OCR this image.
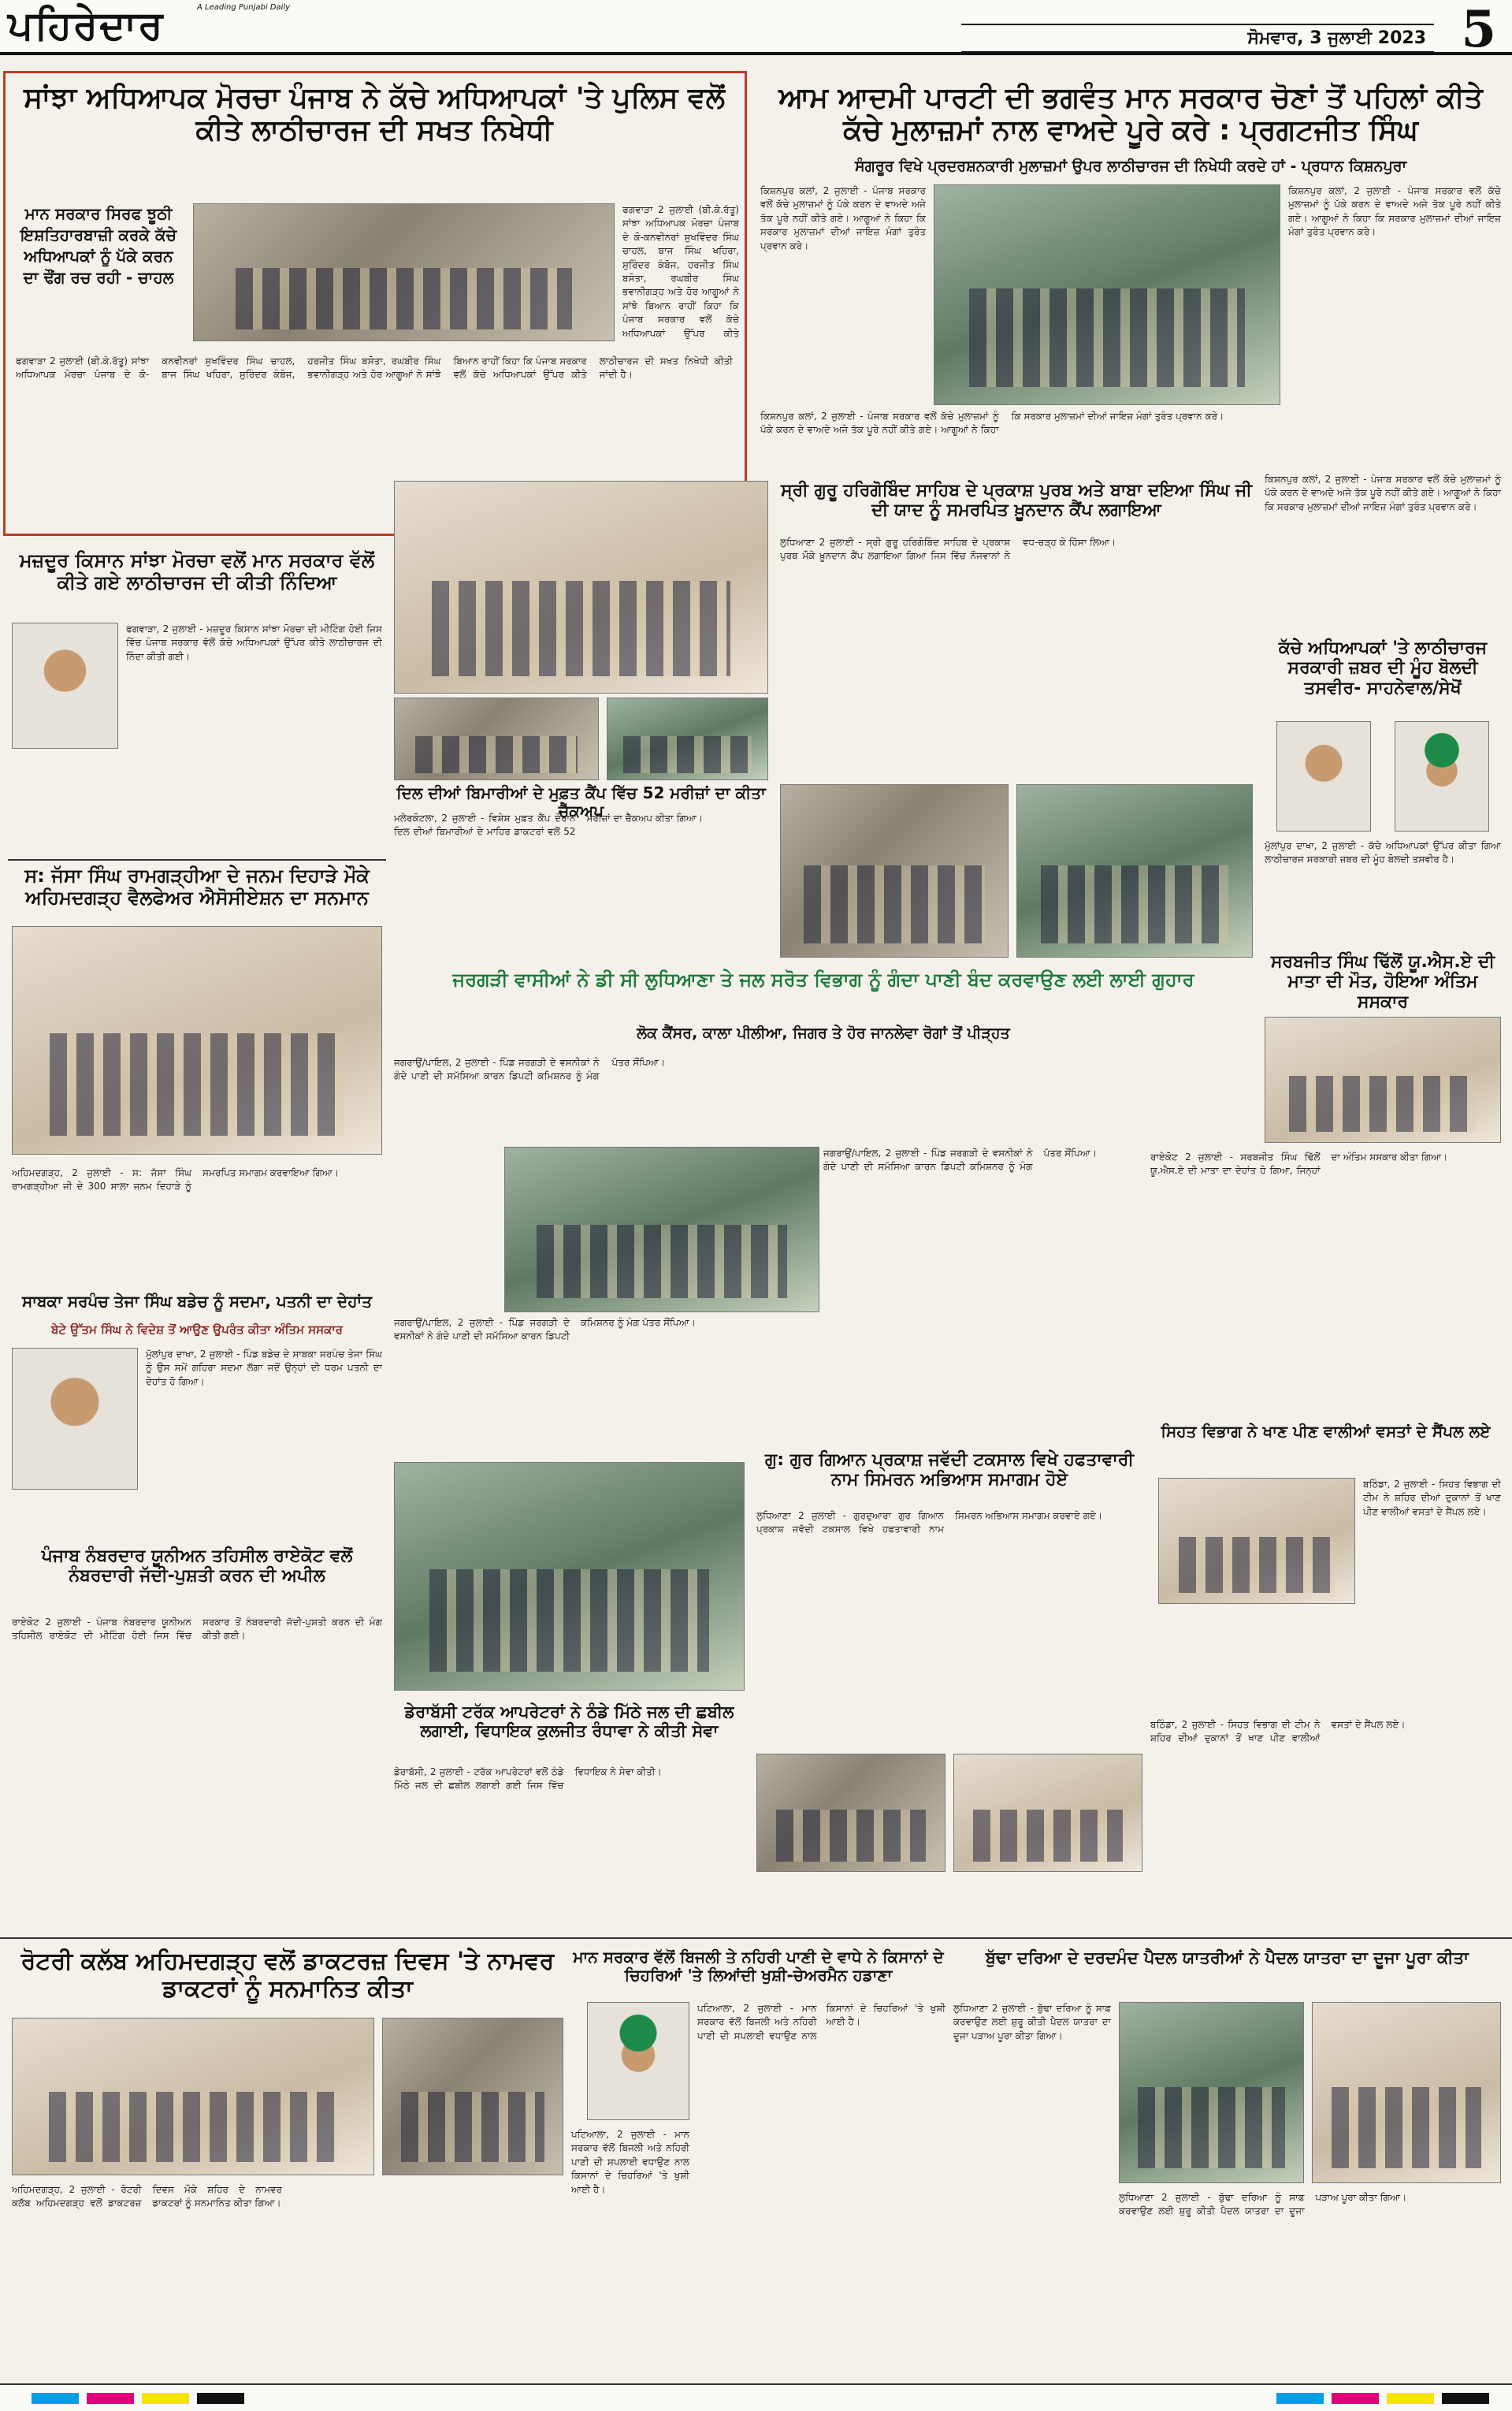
ਪਹਿਰੇਦਾਰ	A Leading Punjabi Daily
ਸੋਮਵਾਰ, 3 ਜੁਲਾਈ 2023 5
ਸਾਂਝਾ ਅਧਿਆਪਕ ਮੋਰਚਾ ਪੰਜਾਬ ਨੇ ਕੱਚੇ ਅਧਿਆਪਕਾਂ 'ਤੇ ਪੁਲਿਸ ਵਲੋਂ ਕੀਤੇ ਲਾਠੀਚਾਰਜ ਦੀ ਸਖਤ ਨਿਖੇਧੀ
ਮਾਨ ਸਰਕਾਰ ਸਿਰਫ ਝੂਠੀ ਇਸ਼ਤਿਹਾਰਬਾਜ਼ੀ ਕਰਕੇ ਕੱਚੇ ਅਧਿਆਪਕਾਂ ਨੂੰ ਪੱਕੇ ਕਰਨ ਦਾ ਢੌਂਗ ਰਚ ਰਹੀ - ਚਾਹਲ
ਫਗਵਾੜਾ 2 ਜੁਲਾਈ (ਬੀ.ਕੇ.ਰੱਤੂ) ਸਾਂਝਾ ਅਧਿਆਪਕ ਮੋਰਚਾ ਪੰਜਾਬ ਦੇ ਕੋ-ਕਨਵੀਨਰਾਂ ਸੁਖਵਿੰਦਰ ਸਿੰਘ ਚਾਹਲ, ਬਾਜ ਸਿੰਘ ਖਹਿਰਾ, ਸੁਰਿੰਦਰ ਕੰਬੋਜ, ਹਰਜੀਤ ਸਿੰਘ ਬਸੋਤਾ, ਰਘਬੀਰ ਸਿੰਘ ਭਵਾਨੀਗੜ੍ਹ ਅਤੇ ਹੋਰ ਆਗੂਆਂ ਨੇ ਸਾਂਝੇ ਬਿਆਨ ਰਾਹੀਂ ਕਿਹਾ ਕਿ ਪੰਜਾਬ ਸਰਕਾਰ ਵਲੋਂ ਕੱਚੇ ਅਧਿਆਪਕਾਂ ਉੱਪਰ ਕੀਤੇ
ਫਗਵਾੜਾ 2 ਜੁਲਾਈ (ਬੀ.ਕੇ.ਰੱਤੂ) ਸਾਂਝਾ ਅਧਿਆਪਕ ਮੋਰਚਾ ਪੰਜਾਬ ਦੇ ਕੋ-ਕਨਵੀਨਰਾਂ ਸੁਖਵਿੰਦਰ ਸਿੰਘ ਚਾਹਲ, ਬਾਜ ਸਿੰਘ ਖਹਿਰਾ, ਸੁਰਿੰਦਰ ਕੰਬੋਜ, ਹਰਜੀਤ ਸਿੰਘ ਬਸੋਤਾ, ਰਘਬੀਰ ਸਿੰਘ ਭਵਾਨੀਗੜ੍ਹ ਅਤੇ ਹੋਰ ਆਗੂਆਂ ਨੇ ਸਾਂਝੇ ਬਿਆਨ ਰਾਹੀਂ ਕਿਹਾ ਕਿ ਪੰਜਾਬ ਸਰਕਾਰ ਵਲੋਂ ਕੱਚੇ ਅਧਿਆਪਕਾਂ ਉੱਪਰ ਕੀਤੇ ਲਾਠੀਚਾਰਜ ਦੀ ਸਖਤ ਨਿਖੇਧੀ ਕੀਤੀ ਜਾਂਦੀ ਹੈ।
ਆਮ ਆਦਮੀ ਪਾਰਟੀ ਦੀ ਭਗਵੰਤ ਮਾਨ ਸਰਕਾਰ ਚੋਣਾਂ ਤੋਂ ਪਹਿਲਾਂ ਕੀਤੇ ਕੱਚੇ ਮੁਲਾਜ਼ਮਾਂ ਨਾਲ ਵਾਅਦੇ ਪੂਰੇ ਕਰੇ : ਪ੍ਰਗਟਜੀਤ ਸਿੰਘ
ਸੰਗਰੂਰ ਵਿਖੇ ਪ੍ਰਦਰਸ਼ਨਕਾਰੀ ਮੁਲਾਜ਼ਮਾਂ ਉਪਰ ਲਾਠੀਚਾਰਜ ਦੀ ਨਿਖੇਧੀ ਕਰਦੇ ਹਾਂ - ਪ੍ਰਧਾਨ ਕਿਸ਼ਨਪੁਰਾ
ਕਿਸ਼ਨਪੁਰ ਕਲਾਂ, 2 ਜੁਲਾਈ - ਪੰਜਾਬ ਸਰਕਾਰ ਵਲੋਂ ਕੱਚੇ ਮੁਲਾਜ਼ਮਾਂ ਨੂੰ ਪੱਕੇ ਕਰਨ ਦੇ ਵਾਅਦੇ ਅਜੇ ਤੱਕ ਪੂਰੇ ਨਹੀਂ ਕੀਤੇ ਗਏ। ਆਗੂਆਂ ਨੇ ਕਿਹਾ ਕਿ ਸਰਕਾਰ ਮੁਲਾਜ਼ਮਾਂ ਦੀਆਂ ਜਾਇਜ਼ ਮੰਗਾਂ ਤੁਰੰਤ ਪ੍ਰਵਾਨ ਕਰੇ।
ਕਿਸ਼ਨਪੁਰ ਕਲਾਂ, 2 ਜੁਲਾਈ - ਪੰਜਾਬ ਸਰਕਾਰ ਵਲੋਂ ਕੱਚੇ ਮੁਲਾਜ਼ਮਾਂ ਨੂੰ ਪੱਕੇ ਕਰਨ ਦੇ ਵਾਅਦੇ ਅਜੇ ਤੱਕ ਪੂਰੇ ਨਹੀਂ ਕੀਤੇ ਗਏ। ਆਗੂਆਂ ਨੇ ਕਿਹਾ ਕਿ ਸਰਕਾਰ ਮੁਲਾਜ਼ਮਾਂ ਦੀਆਂ ਜਾਇਜ਼ ਮੰਗਾਂ ਤੁਰੰਤ ਪ੍ਰਵਾਨ ਕਰੇ।
ਕਿਸ਼ਨਪੁਰ ਕਲਾਂ, 2 ਜੁਲਾਈ - ਪੰਜਾਬ ਸਰਕਾਰ ਵਲੋਂ ਕੱਚੇ ਮੁਲਾਜ਼ਮਾਂ ਨੂੰ ਪੱਕੇ ਕਰਨ ਦੇ ਵਾਅਦੇ ਅਜੇ ਤੱਕ ਪੂਰੇ ਨਹੀਂ ਕੀਤੇ ਗਏ। ਆਗੂਆਂ ਨੇ ਕਿਹਾ ਕਿ ਸਰਕਾਰ ਮੁਲਾਜ਼ਮਾਂ ਦੀਆਂ ਜਾਇਜ਼ ਮੰਗਾਂ ਤੁਰੰਤ ਪ੍ਰਵਾਨ ਕਰੇ।
ਮਜ਼ਦੂਰ ਕਿਸਾਨ ਸਾਂਝਾ ਮੋਰਚਾ ਵਲੋਂ ਮਾਨ ਸਰਕਾਰ ਵੱਲੋਂ ਕੀਤੇ ਗਏ ਲਾਠੀਚਾਰਜ ਦੀ ਕੀਤੀ ਨਿੰਦਿਆ
ਫਗਵਾੜਾ, 2 ਜੁਲਾਈ - ਮਜ਼ਦੂਰ ਕਿਸਾਨ ਸਾਂਝਾ ਮੋਰਚਾ ਦੀ ਮੀਟਿੰਗ ਹੋਈ ਜਿਸ ਵਿੱਚ ਪੰਜਾਬ ਸਰਕਾਰ ਵੱਲੋਂ ਕੱਚੇ ਅਧਿਆਪਕਾਂ ਉੱਪਰ ਕੀਤੇ ਲਾਠੀਚਾਰਜ ਦੀ ਨਿੰਦਾ ਕੀਤੀ ਗਈ।
ਸ: ਜੱਸਾ ਸਿੰਘ ਰਾਮਗੜ੍ਹੀਆ ਦੇ ਜਨਮ ਦਿਹਾੜੇ ਮੌਕੇ ਅਹਿਮਦਗੜ੍ਹ ਵੈਲਫੇਅਰ ਐਸੋਸੀਏਸ਼ਨ ਦਾ ਸਨਮਾਨ
ਅਹਿਮਦਗੜ੍ਹ, 2 ਜੁਲਾਈ - ਸ: ਜੱਸਾ ਸਿੰਘ ਰਾਮਗੜ੍ਹੀਆ ਜੀ ਦੇ 300 ਸਾਲਾ ਜਨਮ ਦਿਹਾੜੇ ਨੂੰ ਸਮਰਪਿਤ ਸਮਾਗਮ ਕਰਵਾਇਆ ਗਿਆ।
ਦਿਲ ਦੀਆਂ ਬਿਮਾਰੀਆਂ ਦੇ ਮੁਫ਼ਤ ਕੈਂਪ ਵਿੱਚ 52 ਮਰੀਜ਼ਾਂ ਦਾ ਕੀਤਾ ਚੈੱਕਅਪ
ਮਲੇਰਕੋਟਲਾ, 2 ਜੁਲਾਈ - ਵਿਸ਼ੇਸ਼ ਮੁਫ਼ਤ ਕੈਂਪ ਦੌਰਾਨ ਦਿਲ ਦੀਆਂ ਬਿਮਾਰੀਆਂ ਦੇ ਮਾਹਿਰ ਡਾਕਟਰਾਂ ਵਲੋਂ 52 ਮਰੀਜ਼ਾਂ ਦਾ ਚੈੱਕਅਪ ਕੀਤਾ ਗਿਆ।
ਸ੍ਰੀ ਗੁਰੂ ਹਰਿਗੋਬਿੰਦ ਸਾਹਿਬ ਦੇ ਪ੍ਰਕਾਸ਼ ਪੁਰਬ ਅਤੇ ਬਾਬਾ ਦਇਆ ਸਿੰਘ ਜੀ ਦੀ ਯਾਦ ਨੂੰ ਸਮਰਪਿਤ ਖ਼ੂਨਦਾਨ ਕੈਂਪ ਲਗਾਇਆ
ਲੁਧਿਆਣਾ 2 ਜੁਲਾਈ - ਸ੍ਰੀ ਗੁਰੂ ਹਰਿਗੋਬਿੰਦ ਸਾਹਿਬ ਦੇ ਪ੍ਰਕਾਸ਼ ਪੁਰਬ ਮੌਕੇ ਖ਼ੂਨਦਾਨ ਕੈਂਪ ਲਗਾਇਆ ਗਿਆ ਜਿਸ ਵਿੱਚ ਨੌਜਵਾਨਾਂ ਨੇ ਵਧ-ਚੜ੍ਹ ਕੇ ਹਿੱਸਾ ਲਿਆ।
ਕਿਸ਼ਨਪੁਰ ਕਲਾਂ, 2 ਜੁਲਾਈ - ਪੰਜਾਬ ਸਰਕਾਰ ਵਲੋਂ ਕੱਚੇ ਮੁਲਾਜ਼ਮਾਂ ਨੂੰ ਪੱਕੇ ਕਰਨ ਦੇ ਵਾਅਦੇ ਅਜੇ ਤੱਕ ਪੂਰੇ ਨਹੀਂ ਕੀਤੇ ਗਏ। ਆਗੂਆਂ ਨੇ ਕਿਹਾ ਕਿ ਸਰਕਾਰ ਮੁਲਾਜ਼ਮਾਂ ਦੀਆਂ ਜਾਇਜ਼ ਮੰਗਾਂ ਤੁਰੰਤ ਪ੍ਰਵਾਨ ਕਰੇ।
ਕੱਚੇ ਅਧਿਆਪਕਾਂ 'ਤੇ ਲਾਠੀਚਾਰਜ ਸਰਕਾਰੀ ਜ਼ਬਰ ਦੀ ਮੂੰਹ ਬੋਲਦੀ ਤਸਵੀਰ- ਸਾਹਨੇਵਾਲ/ਸੇਖੋਂ
ਮੁੱਲਾਂਪੁਰ ਦਾਖਾ, 2 ਜੁਲਾਈ - ਕੱਚੇ ਅਧਿਆਪਕਾਂ ਉੱਪਰ ਕੀਤਾ ਗਿਆ ਲਾਠੀਚਾਰਜ ਸਰਕਾਰੀ ਜ਼ਬਰ ਦੀ ਮੂੰਹ ਬੋਲਦੀ ਤਸਵੀਰ ਹੈ।
ਸਰਬਜੀਤ ਸਿੰਘ ਢਿੱਲੋਂ ਯੂ.ਐਸ.ਏ ਦੀ ਮਾਤਾ ਦੀ ਮੌਤ, ਹੋਇਆ ਅੰਤਿਮ ਸਸਕਾਰ
ਜਰਗੜੀ ਵਾਸੀਆਂ ਨੇ ਡੀ ਸੀ ਲੁਧਿਆਣਾ ਤੇ ਜਲ ਸਰੋਤ ਵਿਭਾਗ ਨੂੰ ਗੰਦਾ ਪਾਣੀ ਬੰਦ ਕਰਵਾਉਣ ਲਈ ਲਾਈ ਗੁਹਾਰ
ਲੋਕ ਕੈਂਸਰ, ਕਾਲਾ ਪੀਲੀਆ, ਜਿਗਰ ਤੇ ਹੋਰ ਜਾਨਲੇਵਾ ਰੋਗਾਂ ਤੋਂ ਪੀੜ੍ਹਤ
ਜਗਰਾਉਂ/ਪਾਇਲ, 2 ਜੁਲਾਈ - ਪਿੰਡ ਜਰਗੜੀ ਦੇ ਵਸਨੀਕਾਂ ਨੇ ਗੰਦੇ ਪਾਣੀ ਦੀ ਸਮੱਸਿਆ ਕਾਰਨ ਡਿਪਟੀ ਕਮਿਸ਼ਨਰ ਨੂੰ ਮੰਗ ਪੱਤਰ ਸੌਂਪਿਆ।
ਜਗਰਾਉਂ/ਪਾਇਲ, 2 ਜੁਲਾਈ - ਪਿੰਡ ਜਰਗੜੀ ਦੇ ਵਸਨੀਕਾਂ ਨੇ ਗੰਦੇ ਪਾਣੀ ਦੀ ਸਮੱਸਿਆ ਕਾਰਨ ਡਿਪਟੀ ਕਮਿਸ਼ਨਰ ਨੂੰ ਮੰਗ ਪੱਤਰ ਸੌਂਪਿਆ।	ਰਾਏਕੋਟ 2 ਜੁਲਾਈ - ਸਰਬਜੀਤ ਸਿੰਘ ਢਿੱਲੋਂ ਯੂ.ਐਸ.ਏ ਦੀ ਮਾਤਾ ਦਾ ਦੇਹਾਂਤ ਹੋ ਗਿਆ, ਜਿਨ੍ਹਾਂ ਦਾ ਅੰਤਿਮ ਸਸਕਾਰ ਕੀਤਾ ਗਿਆ।
ਸਿਹਤ ਵਿਭਾਗ ਨੇ ਖਾਣ ਪੀਣ ਵਾਲੀਆਂ ਵਸਤਾਂ ਦੇ ਸੈਂਪਲ ਲਏ
ਬਠਿੰਡਾ, 2 ਜੁਲਾਈ - ਸਿਹਤ ਵਿਭਾਗ ਦੀ ਟੀਮ ਨੇ ਸ਼ਹਿਰ ਦੀਆਂ ਦੁਕਾਨਾਂ ਤੋਂ ਖਾਣ ਪੀਣ ਵਾਲੀਆਂ ਵਸਤਾਂ ਦੇ ਸੈਂਪਲ ਲਏ।
ਬਠਿੰਡਾ, 2 ਜੁਲਾਈ - ਸਿਹਤ ਵਿਭਾਗ ਦੀ ਟੀਮ ਨੇ ਸ਼ਹਿਰ ਦੀਆਂ ਦੁਕਾਨਾਂ ਤੋਂ ਖਾਣ ਪੀਣ ਵਾਲੀਆਂ ਵਸਤਾਂ ਦੇ ਸੈਂਪਲ ਲਏ।
ਸਾਬਕਾ ਸਰਪੰਚ ਤੇਜਾ ਸਿੰਘ ਬਡੇਚ ਨੂੰ ਸਦਮਾ, ਪਤਨੀ ਦਾ ਦੇਹਾਂਤ
ਬੇਟੇ ਉੱਤਮ ਸਿੰਘ ਨੇ ਵਿਦੇਸ਼ ਤੋਂ ਆਉਣ ਉਪਰੰਤ ਕੀਤਾ ਅੰਤਿਮ ਸਸਕਾਰ
ਮੁੱਲਾਂਪੁਰ ਦਾਖਾ, 2 ਜੁਲਾਈ - ਪਿੰਡ ਬਡੇਚ ਦੇ ਸਾਬਕਾ ਸਰਪੰਚ ਤੇਜਾ ਸਿੰਘ ਨੂੰ ਉਸ ਸਮੇਂ ਗਹਿਰਾ ਸਦਮਾ ਲੱਗਾ ਜਦੋਂ ਉਨ੍ਹਾਂ ਦੀ ਧਰਮ ਪਤਨੀ ਦਾ ਦੇਹਾਂਤ ਹੋ ਗਿਆ।
ਪੰਜਾਬ ਨੰਬਰਦਾਰ ਯੂਨੀਅਨ ਤਹਿਸੀਲ ਰਾਏਕੋਟ ਵਲੋਂ ਨੰਬਰਦਾਰੀ ਜੱਦੀ-ਪੁਸ਼ਤੀ ਕਰਨ ਦੀ ਅਪੀਲ
ਰਾਏਕੋਟ 2 ਜੁਲਾਈ - ਪੰਜਾਬ ਨੰਬਰਦਾਰ ਯੂਨੀਅਨ ਤਹਿਸੀਲ ਰਾਏਕੋਟ ਦੀ ਮੀਟਿੰਗ ਹੋਈ ਜਿਸ ਵਿੱਚ ਸਰਕਾਰ ਤੋਂ ਨੰਬਰਦਾਰੀ ਜੱਦੀ-ਪੁਸ਼ਤੀ ਕਰਨ ਦੀ ਮੰਗ ਕੀਤੀ ਗਈ।
ਜਗਰਾਉਂ/ਪਾਇਲ, 2 ਜੁਲਾਈ - ਪਿੰਡ ਜਰਗੜੀ ਦੇ ਵਸਨੀਕਾਂ ਨੇ ਗੰਦੇ ਪਾਣੀ ਦੀ ਸਮੱਸਿਆ ਕਾਰਨ ਡਿਪਟੀ ਕਮਿਸ਼ਨਰ ਨੂੰ ਮੰਗ ਪੱਤਰ ਸੌਂਪਿਆ।
ਗੁ: ਗੁਰ ਗਿਆਨ ਪ੍ਰਕਾਸ਼ ਜਵੱਦੀ ਟਕਸਾਲ ਵਿਖੇ ਹਫਤਾਵਾਰੀ ਨਾਮ ਸਿਮਰਨ ਅਭਿਆਸ ਸਮਾਗਮ ਹੋਏ
ਲੁਧਿਆਣਾ 2 ਜੁਲਾਈ - ਗੁਰਦੁਆਰਾ ਗੁਰ ਗਿਆਨ ਪ੍ਰਕਾਸ਼ ਜਵੱਦੀ ਟਕਸਾਲ ਵਿਖੇ ਹਫਤਾਵਾਰੀ ਨਾਮ ਸਿਮਰਨ ਅਭਿਆਸ ਸਮਾਗਮ ਕਰਵਾਏ ਗਏ।
ਡੇਰਾਬੱਸੀ ਟਰੱਕ ਆਪਰੇਟਰਾਂ ਨੇ ਠੰਡੇ ਮਿੱਠੇ ਜਲ ਦੀ ਛਬੀਲ ਲਗਾਈ, ਵਿਧਾਇਕ ਕੁਲਜੀਤ ਰੰਧਾਵਾ ਨੇ ਕੀਤੀ ਸੇਵਾ
ਡੇਰਾਬੱਸੀ, 2 ਜੁਲਾਈ - ਟਰੱਕ ਆਪਰੇਟਰਾਂ ਵਲੋਂ ਠੰਡੇ ਮਿੱਠੇ ਜਲ ਦੀ ਛਬੀਲ ਲਗਾਈ ਗਈ ਜਿਸ ਵਿੱਚ ਵਿਧਾਇਕ ਨੇ ਸੇਵਾ ਕੀਤੀ।
ਰੋਟਰੀ ਕਲੱਬ ਅਹਿਮਦਗੜ੍ਹ ਵਲੋਂ ਡਾਕਟਰਜ਼ ਦਿਵਸ 'ਤੇ ਨਾਮਵਰ ਡਾਕਟਰਾਂ ਨੂੰ ਸਨਮਾਨਿਤ ਕੀਤਾ
ਅਹਿਮਦਗੜ੍ਹ, 2 ਜੁਲਾਈ - ਰੋਟਰੀ ਕਲੱਬ ਅਹਿਮਦਗੜ੍ਹ ਵਲੋਂ ਡਾਕਟਰਜ਼ ਦਿਵਸ ਮੌਕੇ ਸ਼ਹਿਰ ਦੇ ਨਾਮਵਰ ਡਾਕਟਰਾਂ ਨੂੰ ਸਨਮਾਨਿਤ ਕੀਤਾ ਗਿਆ।
ਮਾਨ ਸਰਕਾਰ ਵੱਲੋਂ ਬਿਜਲੀ ਤੇ ਨਹਿਰੀ ਪਾਣੀ ਦੇ ਵਾਧੇ ਨੇ ਕਿਸਾਨਾਂ ਦੇ ਚਿਹਰਿਆਂ 'ਤੇ ਲਿਆਂਦੀ ਖੁਸ਼ੀ-ਚੇਅਰਮੈਨ ਹਡਾਣਾ
ਪਟਿਆਲਾ, 2 ਜੁਲਾਈ - ਮਾਨ ਸਰਕਾਰ ਵੱਲੋਂ ਬਿਜਲੀ ਅਤੇ ਨਹਿਰੀ ਪਾਣੀ ਦੀ ਸਪਲਾਈ ਵਧਾਉਣ ਨਾਲ ਕਿਸਾਨਾਂ ਦੇ ਚਿਹਰਿਆਂ 'ਤੇ ਖੁਸ਼ੀ ਆਈ ਹੈ।
ਪਟਿਆਲਾ, 2 ਜੁਲਾਈ - ਮਾਨ ਸਰਕਾਰ ਵੱਲੋਂ ਬਿਜਲੀ ਅਤੇ ਨਹਿਰੀ ਪਾਣੀ ਦੀ ਸਪਲਾਈ ਵਧਾਉਣ ਨਾਲ ਕਿਸਾਨਾਂ ਦੇ ਚਿਹਰਿਆਂ 'ਤੇ ਖੁਸ਼ੀ ਆਈ ਹੈ।
ਬੁੱਢਾ ਦਰਿਆ ਦੇ ਦਰਦਮੰਦ ਪੈਦਲ ਯਾਤਰੀਆਂ ਨੇ ਪੈਦਲ ਯਾਤਰਾ ਦਾ ਦੂਜਾ ਪੂਰਾ ਕੀਤਾ
ਲੁਧਿਆਣਾ 2 ਜੁਲਾਈ - ਬੁੱਢਾ ਦਰਿਆ ਨੂੰ ਸਾਫ਼ ਕਰਵਾਉਣ ਲਈ ਸ਼ੁਰੂ ਕੀਤੀ ਪੈਦਲ ਯਾਤਰਾ ਦਾ ਦੂਜਾ ਪੜਾਅ ਪੂਰਾ ਕੀਤਾ ਗਿਆ।
ਲੁਧਿਆਣਾ 2 ਜੁਲਾਈ - ਬੁੱਢਾ ਦਰਿਆ ਨੂੰ ਸਾਫ਼ ਕਰਵਾਉਣ ਲਈ ਸ਼ੁਰੂ ਕੀਤੀ ਪੈਦਲ ਯਾਤਰਾ ਦਾ ਦੂਜਾ ਪੜਾਅ ਪੂਰਾ ਕੀਤਾ ਗਿਆ।
